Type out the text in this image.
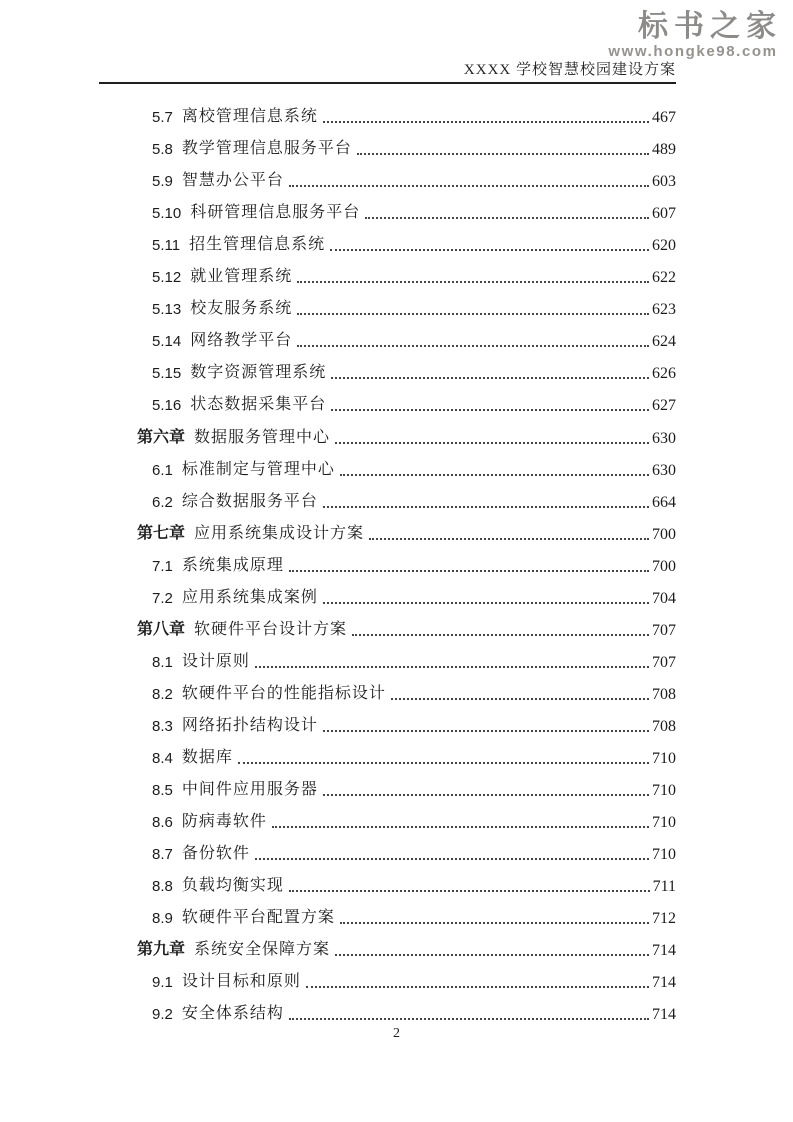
标书之家
www.hongke98.com
XXXX 学校智慧校园建设方案
5.7 离校管理信息系统	467
5.8 教学管理信息服务平台	489
5.9 智慧办公平台	603
5.10 科研管理信息服务平台	607
5.11 招生管理信息系统	620
5.12 就业管理系统	622
5.13 校友服务系统	623
5.14 网络教学平台	624
5.15 数字资源管理系统	626
5.16 状态数据采集平台	627
第六章 数据服务管理中心	630
6.1 标准制定与管理中心	630
6.2 综合数据服务平台	664
第七章 应用系统集成设计方案	700
7.1 系统集成原理	700
7.2 应用系统集成案例	704
第八章 软硬件平台设计方案	707
8.1 设计原则	707
8.2 软硬件平台的性能指标设计	708
8.3 网络拓扑结构设计	708
8.4 数据库	710
8.5 中间件应用服务器	710
8.6 防病毒软件	710
8.7 备份软件	710
8.8 负载均衡实现	711
8.9 软硬件平台配置方案	712
第九章 系统安全保障方案	714
9.1 设计目标和原则	714
9.2 安全体系结构	714
2
